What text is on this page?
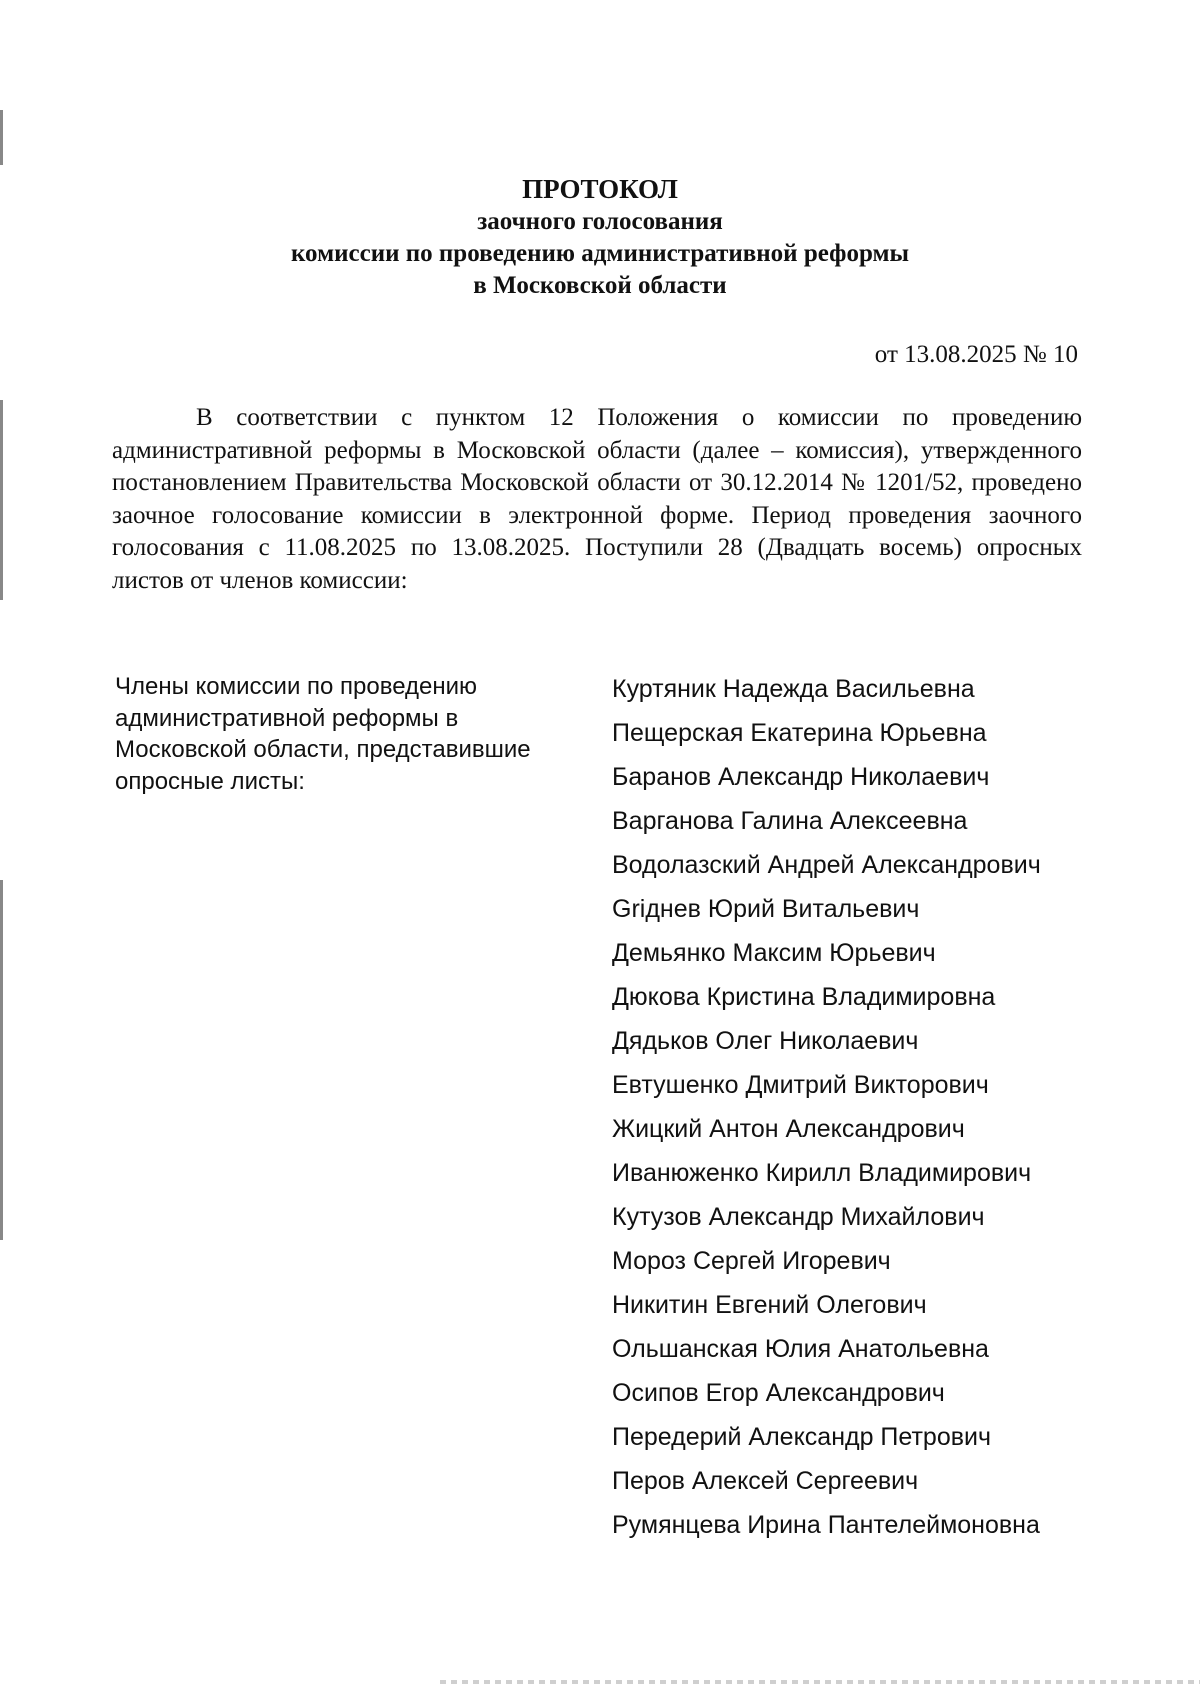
ПРОТОКОЛ

заочного голосования

комиссии по проведению административной реформы

в Московской области

от 13.08.2025 № 10

В соответствии с пунктом 12 Положения о комиссии по проведению административной реформы в Московской области (далее – комиссия), утвержденного постановлением Правительства Московской области от 30.12.2014 № 1201/52, проведено заочное голосование комиссии в электронной форме. Период проведения заочного голосования с 11.08.2025 по 13.08.2025. Поступили 28 (Двадцать восемь) опросных листов от членов комиссии:

Члены комиссии по проведению административной реформы в Московской области, представившие опросные листы:

Куртяник Надежда Васильевна
Пещерская Екатерина Юрьевна
Баранов Александр Николаевич
Варганова Галина Алексеевна
Водолазский Андрей Александрович
Griднев Юрий Витальевич
Демьянко Максим Юрьевич
Дюкова Кристина Владимировна
Дядьков Олег Николаевич
Евтушенко Дмитрий Викторович
Жицкий Антон Александрович
Иванюженко Кирилл Владимирович
Кутузов Александр Михайлович
Мороз Сергей Игоревич
Никитин Евгений Олегович
Ольшанская Юлия Анатольевна
Осипов Егор Александрович
Передерий Александр Петрович
Перов Алексей Сергеевич
Румянцева Ирина Пантелеймоновна
